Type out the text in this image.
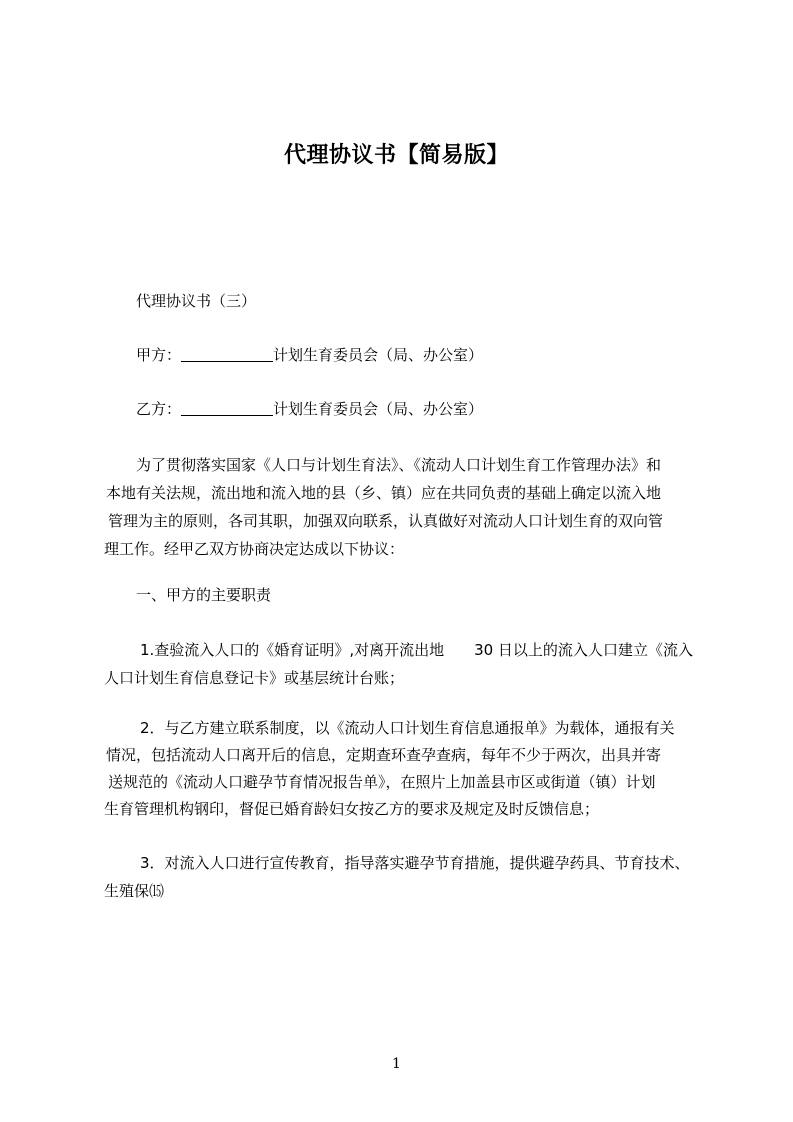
代理协议书【简易版】

代理协议书（三）

甲方：	计划生育委员会（局、办公室）

乙方：	计划生育委员会（局、办公室）

为了贯彻落实国家《人口与计划生育法》、《流动人口计划生育工作管理办法》和
本地有关法规，流出地和流入地的县（乡、镇）应在共同负责的基础上确定以流入地
管理为主的原则，各司其职，加强双向联系，认真做好对流动人口计划生育的双向管
理工作。经甲乙双方协商决定达成以下协议：

一、甲方的主要职责

1.查验流入人口的《婚育证明》,对离开流出地　　30 日以上的流入人口建立《流入
人口计划生育信息登记卡》或基层统计台账；

2．与乙方建立联系制度，以《流动人口计划生育信息通报单》为载体，通报有关
情况，包括流动人口离开后的信息，定期查环查孕查病，每年不少于两次，出具并寄
送规范的《流动人口避孕节育情况报告单》，在照片上加盖县市区或街道（镇）计划
生育管理机构钢印，督促已婚育龄妇女按乙方的要求及规定及时反馈信息；

3．对流入人口进行宣传教育，指导落实避孕节育措施，提供避孕药具、节育技术、
生殖保⒂

1
